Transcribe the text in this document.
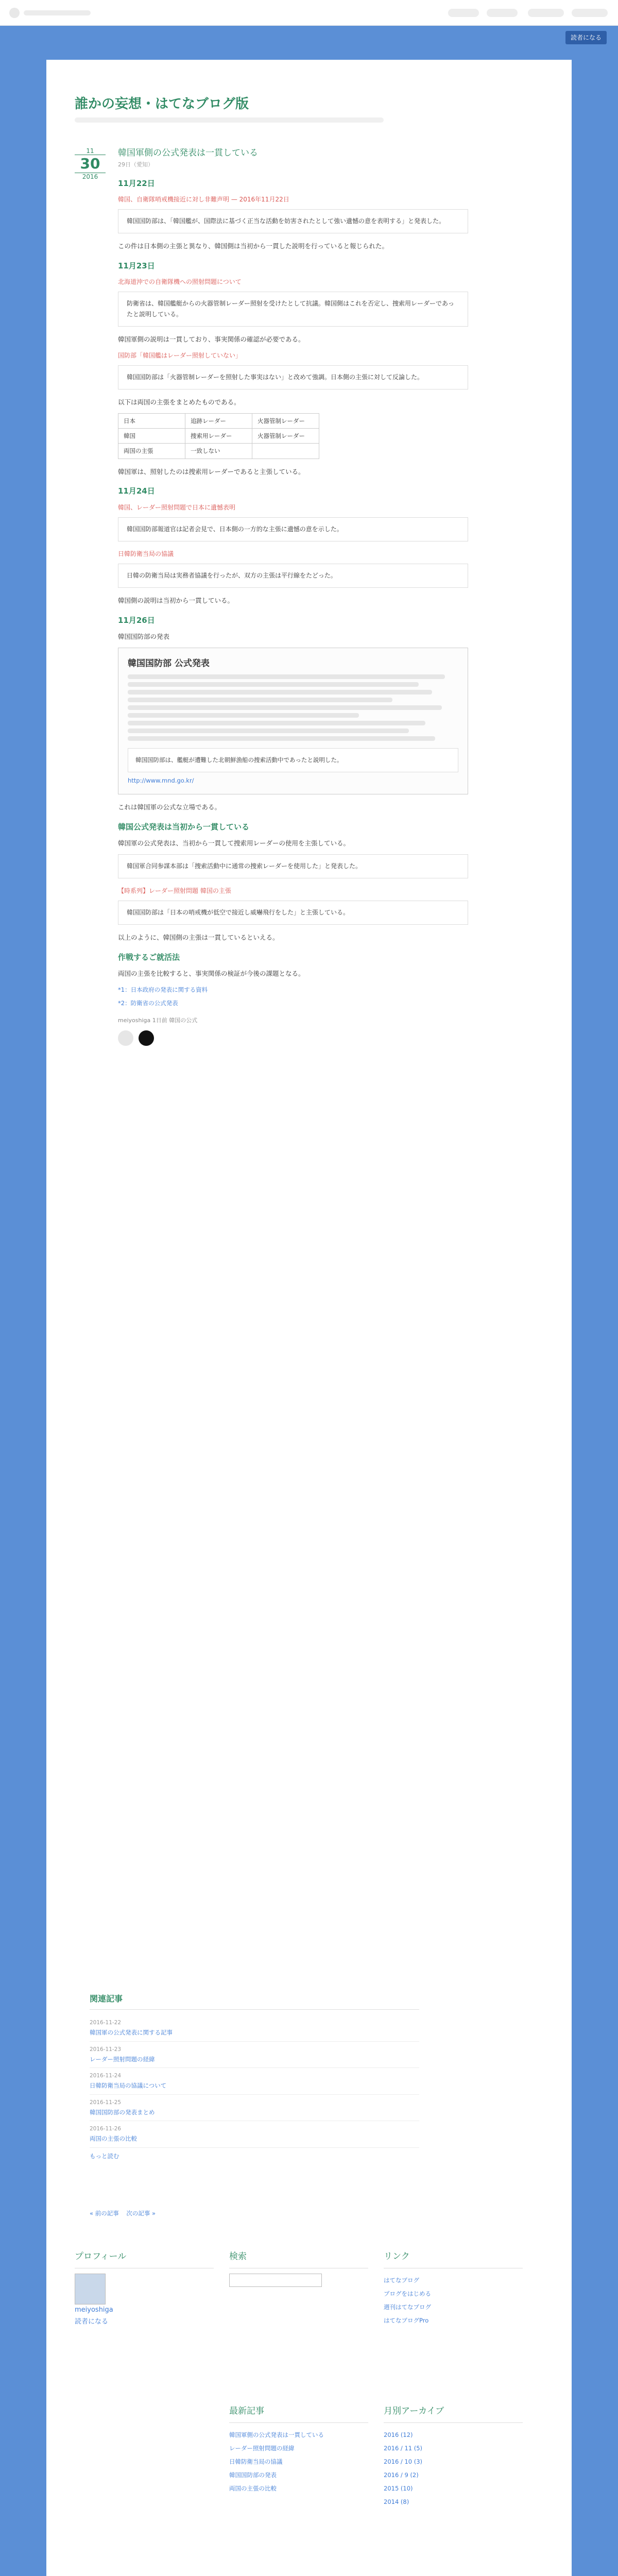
読者になる
誰かの妄想・はてなブログ版
11
30
2016
韓国軍側の公式発表は一貫している
29日（愛知）
11月22日
韓国、自衛隊哨戒機接近に対し非難声明 — 2016年11月22日
韓国国防部は、「韓国艦が、国際法に基づく正当な活動を妨害されたとして強い遺憾の意を表明する」と発表した。

この件は日本側の主張と異なり、韓国側は当初から一貫した説明を行っていると報じられた。

11月23日
北海道沖での自衛隊機への照射問題について
防衛省は、韓国艦艇からの火器管制レーダー照射を受けたとして抗議。韓国側はこれを否定し、捜索用レーダーであったと説明している。

韓国軍側の説明は一貫しており、事実関係の確認が必要である。

国防部「韓国艦はレーダー照射していない」
韓国国防部は「火器管制レーダーを照射した事実はない」と改めて強調。日本側の主張に対して反論した。

以下は両国の主張をまとめたものである。

日本	追跡レーダー	火器管制レーダー
韓国	捜索用レーダー	火器管制レーダー
両国の主張	一致しない	

韓国軍は、照射したのは捜索用レーダーであると主張している。

11月24日
韓国、レーダー照射問題で日本に遺憾表明
韓国国防部報道官は記者会見で、日本側の一方的な主張に遺憾の意を示した。
日韓防衛当局の協議
日韓の防衛当局は実務者協議を行ったが、双方の主張は平行線をたどった。

韓国側の説明は当初から一貫している。

11月26日

韓国国防部の発表

韓国国防部 公式発表
韓国国防部は、艦艇が遭難した北朝鮮漁船の捜索活動中であったと説明した。
http://www.mnd.go.kr/

これは韓国軍の公式な立場である。

韓国公式発表は当初から一貫している

韓国軍の公式発表は、当初から一貫して捜索用レーダーの使用を主張している。

韓国軍合同参謀本部は「捜索活動中に通常の捜索レーダーを使用した」と発表した。
【時系列】レーダー照射問題 韓国の主張
韓国国防部は「日本の哨戒機が低空で接近し威嚇飛行をした」と主張している。

以上のように、韓国側の主張は一貫しているといえる。

作戦するご就活法

両国の主張を比較すると、事実関係の検証が今後の課題となる。

*1：日本政府の発表に関する資料
*2：防衛省の公式発表
meiyoshiga 1日前 韓国の公式
関連記事
2016-11-22
韓国軍の公式発表に関する記事
2016-11-23
レーダー照射問題の経緯
2016-11-24
日韓防衛当局の協議について
2016-11-25
韓国国防部の発表まとめ
2016-11-26
両国の主張の比較
もっと読む
« 前の記事 次の記事 »
プロフィール
meiyoshiga
読者になる
検索	リンク
はてなブログ
ブログをはじめる
週刊はてなブログ
はてなブログPro
最新記事
韓国軍側の公式発表は一貫している
レーダー照射問題の経緯
日韓防衛当局の協議
韓国国防部の発表
両国の主張の比較
月別アーカイブ
2016 (12)
2016 / 11 (5)
2016 / 10 (3)
2016 / 9 (2)
2015 (10)
2014 (8)
